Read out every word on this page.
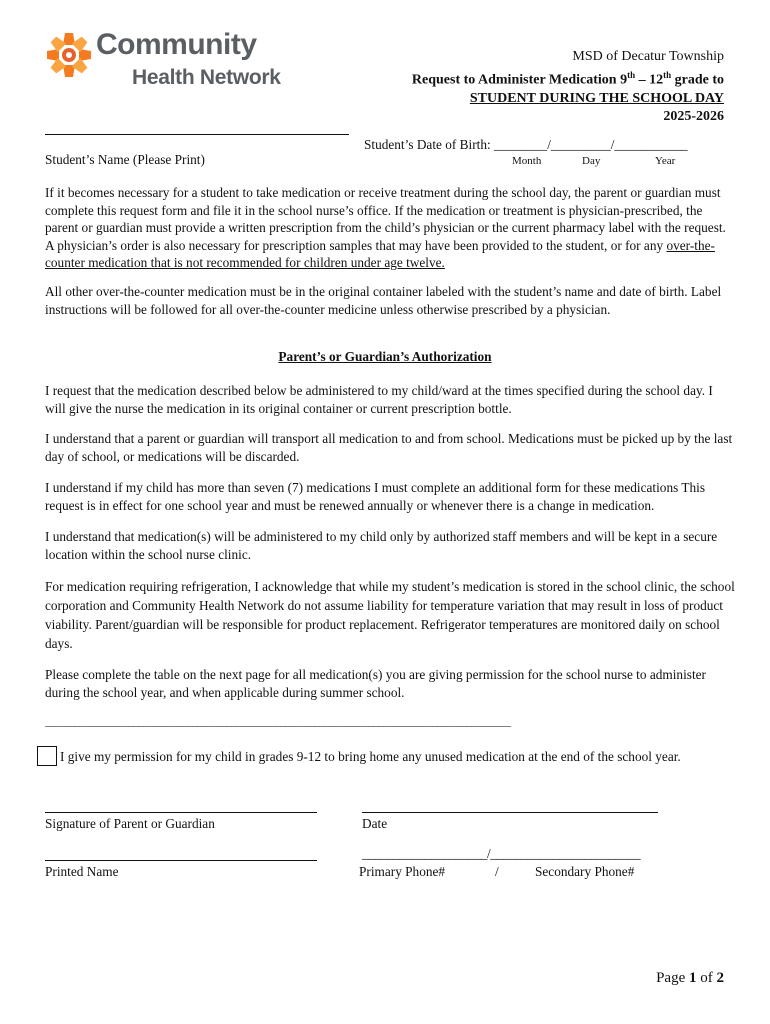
Community
Health Network
MSD of Decatur Township
Request to Administer Medication 9th – 12th grade to
STUDENT DURING THE SCHOOL DAY
2025-2026
Student’s Name (Please Print)
Student’s Date of Birth: ________/_________/___________
Month	Day	Year
If it becomes necessary for a student to take medication or receive treatment during the school day, the parent or guardian must complete this request form and file it in the school nurse’s office. If the medication or treatment is physician-prescribed, the parent or guardian must provide a written prescription from the child’s physician or the current pharmacy label with the request. A physician’s order is also necessary for prescription samples that may have been provided to the student, or for any over-the-counter medication that is not recommended for children under age twelve.
All other over-the-counter medication must be in the original container labeled with the student’s name and date of birth. Label instructions will be followed for all over-the-counter medicine unless otherwise prescribed by a physician.
Parent’s or Guardian’s Authorization
I request that the medication described below be administered to my child/ward at the times specified during the school day. I will give the nurse the medication in its original container or current prescription bottle.
I understand that a parent or guardian will transport all medication to and from school. Medications must be picked up by the last day of school, or medications will be discarded.
I understand if my child has more than seven (7) medications I must complete an additional form for these medications This request is in effect for one school year and must be renewed annually or whenever there is a change in medication.
I understand that medication(s) will be administered to my child only by authorized staff members and will be kept in a secure location within the school nurse clinic.
For medication requiring refrigeration, I acknowledge that while my student’s medication is stored in the school clinic, the school corporation and Community Health Network do not assume liability for temperature variation that may result in loss of product viability. Parent/guardian will be responsible for product replacement. Refrigerator temperatures are monitored daily on school days.
Please complete the table on the next page for all medication(s) you are giving permission for the school nurse to administer during the school year, and when applicable during summer school.
_______________________________________________________________________________________________
I give my permission for my child in grades 9-12 to bring home any unused medication at the end of the school year.
Signature of Parent or Guardian	Date
____________________/________________________
Printed Name	Primary Phone#	/	Secondary Phone#
Page 1 of 2
